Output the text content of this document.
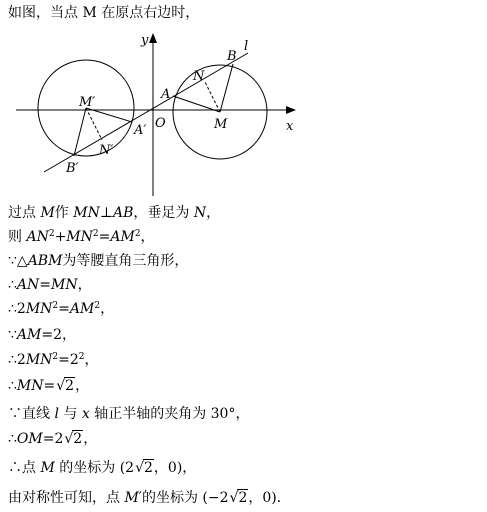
如图，当点 M 在原点右边时，
y
x
l
B
N
A
M
O
M′
A′
N′
B′
过点 M作 MN⊥AB，垂足为 N，
则 $AN^2+MN^2=AM^2$，
∵△ABM为等腰直角三角形，
∴AN=MN，
$\therefore 2MN^2=AM^2$，
∵AM=2，
$\therefore 2MN^2=2^2$，
∴MN=√2，
∵直线 l 与 x 轴正半轴的夹角为 30°，
∴OM=2√2，
∴点 M 的坐标为 (2√2，0)，
由对称性可知，点 M′的坐标为 (−2√2，0)．
